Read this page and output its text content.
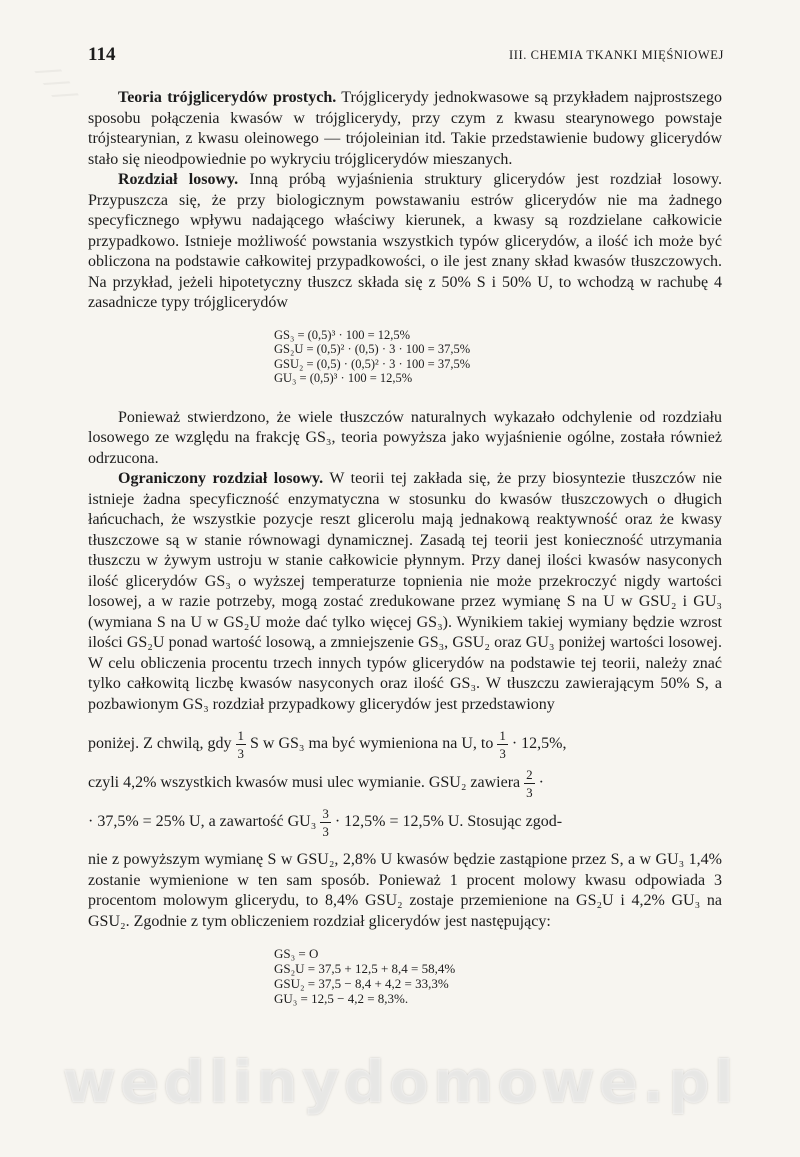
⁄ ⁄ ⁄
114	III. CHEMIA TKANKI MIĘŚNIOWEJ

Teoria trójglicerydów prostych. Trójglicerydy jednokwasowe są przykładem najprostszego sposobu połączenia kwasów w trójglicerydy, przy czym z kwasu stearynowego powstaje trójstearynian, z kwasu oleinowego — trójoleinian itd. Takie przedstawienie budowy glicerydów stało się nieodpowiednie po wykryciu trójglicerydów mieszanych.

Rozdział losowy. Inną próbą wyjaśnienia struktury glicerydów jest rozdział losowy. Przypuszcza się, że przy biologicznym powstawaniu estrów glicerydów nie ma żadnego specyficznego wpływu nadającego właściwy kierunek, a kwasy są rozdzielane całkowicie przypadkowo. Istnieje możliwość powstania wszystkich typów glicerydów, a ilość ich może być obliczona na podstawie całkowitej przypadkowości, o ile jest znany skład kwasów tłuszczowych. Na przykład, jeżeli hipotetyczny tłuszcz składa się z 50% S i 50% U, to wchodzą w rachubę 4 zasadnicze typy trójglicerydów

GS₃ = (0,5)³ · 100 = 12,5%
GS₂U = (0,5)² · (0,5) · 3 · 100 = 37,5%
GSU₂ = (0,5) · (0,5)² · 3 · 100 = 37,5%
GU₃ = (0,5)³ · 100 = 12,5%

Ponieważ stwierdzono, że wiele tłuszczów naturalnych wykazało odchylenie od rozdziału losowego ze względu na frakcję GS₃, teoria powyższa jako wyjaśnienie ogólne, została również odrzucona.

Ograniczony rozdział losowy. W teorii tej zakłada się, że przy biosyntezie tłuszczów nie istnieje żadna specyficzność enzymatyczna w stosunku do kwasów tłuszczowych o długich łańcuchach, że wszystkie pozycje reszt glicerolu mają jednakową reaktywność oraz że kwasy tłuszczowe są w stanie równowagi dynamicznej. Zasadą tej teorii jest konieczność utrzymania tłuszczu w żywym ustroju w stanie całkowicie płynnym. Przy danej ilości kwasów nasyconych ilość glicerydów GS₃ o wyższej temperaturze topnienia nie może przekroczyć nigdy wartości losowej, a w razie potrzeby, mogą zostać zredukowane przez wymianę S na U w GSU₂ i GU₃ (wymiana S na U w GS₂U może dać tylko więcej GS₃). Wynikiem takiej wymiany będzie wzrost ilości GS₂U ponad wartość losową, a zmniejszenie GS₃, GSU₂ oraz GU₃ poniżej wartości losowej. W celu obliczenia procentu trzech innych typów glicerydów na podstawie tej teorii, należy znać tylko całkowitą liczbę kwasów nasyconych oraz ilość GS₃. W tłuszczu zawierającym 50% S, a pozbawionym GS₃ rozdział przypadkowy glicerydów jest przedstawiony

poniżej. Z chwilą, gdy $\frac{1}{3}$ S w GS₃ ma być wymieniona na U, to $\frac{1}{3} \cdot 12,5\%$,
czyli 4,2% wszystkich kwasów musi ulec wymianie. GSU₂ zawiera $\frac{2}{3}$ ·
· 37,5% = 25% U, a zawartość $GU_3 \frac{3}{3} \cdot 12,5\% = 12,5\%$ U. Stosując zgod-

nie z powyższym wymianę S w GSU₂, 2,8% U kwasów będzie zastąpione przez S, a w GU₃ 1,4% zostanie wymienione w ten sam sposób. Ponieważ 1 procent molowy kwasu odpowiada 3 procentom molowym glicerydu, to 8,4% GSU₂ zostaje przemienione na GS₂U i 4,2% GU₃ na GSU₂. Zgodnie z tym obliczeniem rozdział glicerydów jest następujący:

GS₃ = O
GS₂U = 37,5 + 12,5 + 8,4 = 58,4%
GSU₂ = 37,5 − 8,4 + 4,2 = 33,3%
GU₃ = 12,5 − 4,2 = 8,3%.
wedlinydomowe.pl
